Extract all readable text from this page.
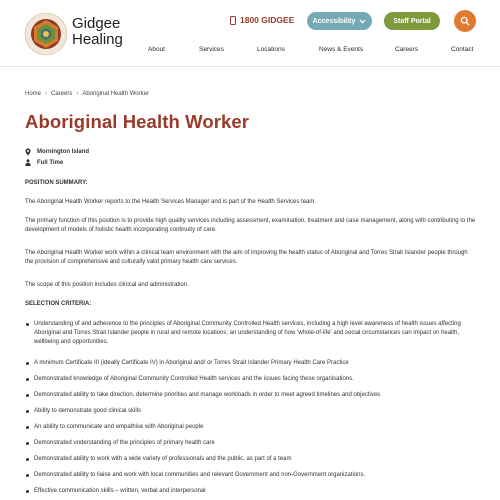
Gidgee
Healing
1800 GIDGEE	Accessibility	Staff Portal
About	Services	Locations	News & Events	Careers	Contact
Home › Careers › Aboriginal Health Worker
Aboriginal Health Worker
Mornington Island
Full Time

POSITION SUMMARY:

The Aboriginal Health Worker reports to the Health Services Manager and is part of the Health Services team.

The primary function of this position is to provide high quality services including assessment, examination, treatment and case management, along with contributing to the development of models of holistic health incorporating continuity of care.

The Aboriginal Health Worker work within a clinical team environment with the aim of improving the health status of Aboriginal and Torres Strait Islander people through the provision of comprehensive and culturally valid primary health care services.

The scope of this position includes clinical and administration.

SELECTION CRITERIA:

Understanding of and adherence to the principles of Aboriginal Community Controlled Health services, including a high level awareness of health issues affecting Aboriginal and Torres Strait Islander people in rural and remote locations; an understanding of how 'whole-of-life' and social circumstances can impact on health, wellbeing and opportunities.
A minimum Certificate III (ideally Certificate IV) in Aboriginal and/ or Torres Strait Islander Primary Health Care Practice
Demonstrated knowledge of Aboriginal Community Controlled Health services and the issues facing these organisations.
Demonstrated ability to take direction, determine priorities and manage workloads in order to meet agreed timelines and objectives
Ability to demonstrate good clinical skills
An ability to communicate and empathise with Aboriginal people
Demonstrated understanding of the principles of primary health care
Demonstrated ability to work with a wide variety of professionals and the public, as part of a team
Demonstrated ability to liaise and work with local communities and relevant Government and non-Government organizations.
Effective communication skills – written, verbal and interpersonal
